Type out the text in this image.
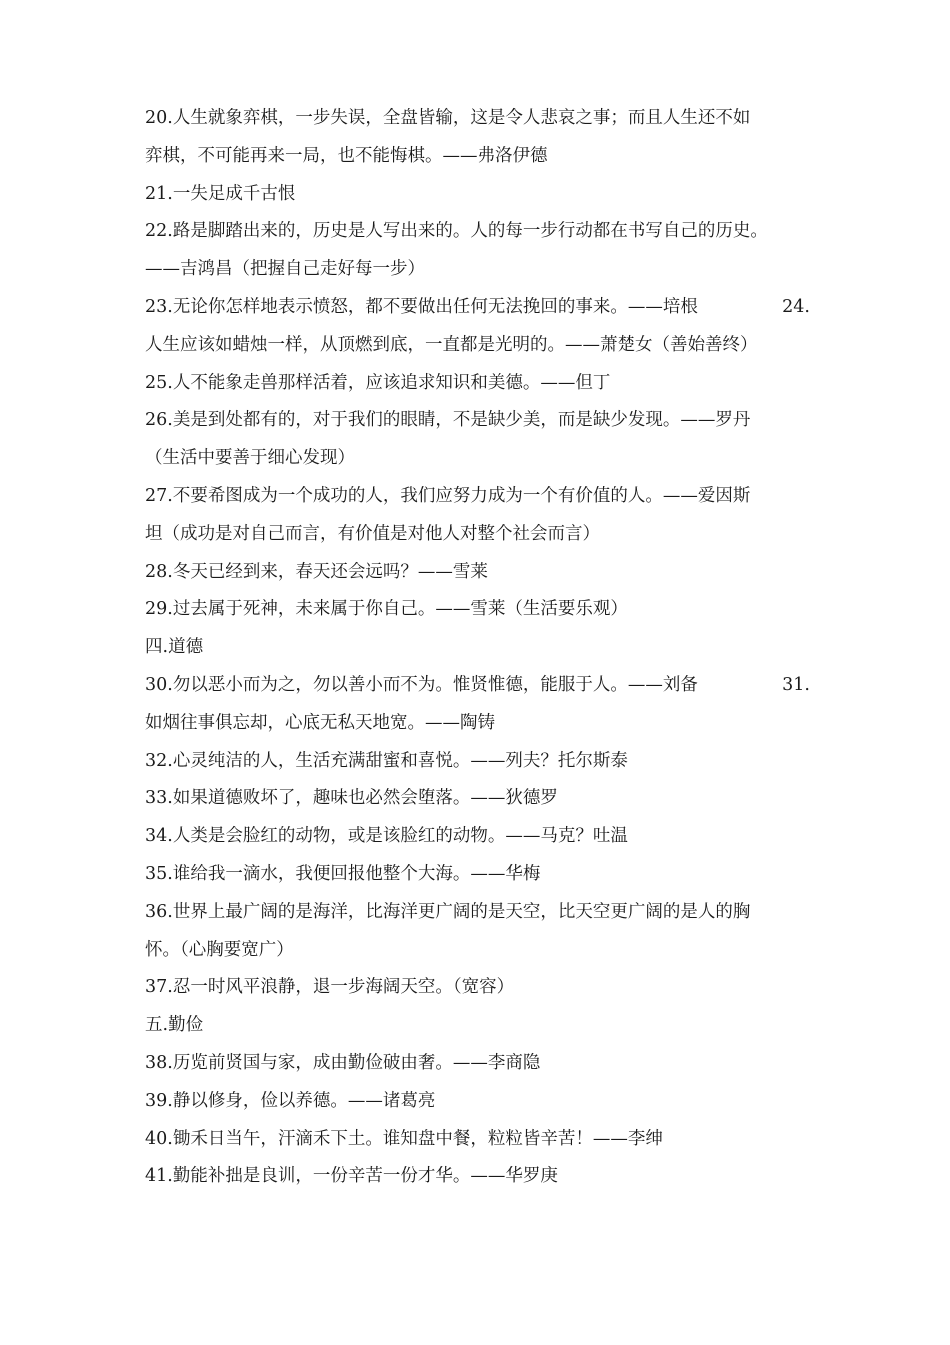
20.人生就象弈棋，一步失误，全盘皆输，这是令人悲哀之事；而且人生还不如
弈棋，不可能再来一局，也不能悔棋。——弗洛伊德
21.一失足成千古恨
22.路是脚踏出来的，历史是人写出来的。人的每一步行动都在书写自己的历史。
——吉鸿昌（把握自己走好每一步）
23.无论你怎样地表示愤怒，都不要做出任何无法挽回的事来。——培根	24.
人生应该如蜡烛一样，从顶燃到底，一直都是光明的。——萧楚女（善始善终）
25.人不能象走兽那样活着，应该追求知识和美德。——但丁
26.美是到处都有的，对于我们的眼睛，不是缺少美，而是缺少发现。——罗丹
（生活中要善于细心发现）
27.不要希图成为一个成功的人，我们应努力成为一个有价值的人。——爱因斯
坦（成功是对自己而言，有价值是对他人对整个社会而言）
28.冬天已经到来，春天还会远吗？——雪莱
29.过去属于死神，未来属于你自己。——雪莱（生活要乐观）
四.道德
30.勿以恶小而为之，勿以善小而不为。惟贤惟德，能服于人。——刘备	31.
如烟往事俱忘却，心底无私天地宽。——陶铸
32.心灵纯洁的人，生活充满甜蜜和喜悦。——列夫？托尔斯泰
33.如果道德败坏了，趣味也必然会堕落。——狄德罗
34.人类是会脸红的动物，或是该脸红的动物。——马克？吐温
35.谁给我一滴水，我便回报他整个大海。——华梅
36.世界上最广阔的是海洋，比海洋更广阔的是天空，比天空更广阔的是人的胸
怀。（心胸要宽广）
37.忍一时风平浪静，退一步海阔天空。（宽容）
五.勤俭
38.历览前贤国与家，成由勤俭破由奢。——李商隐
39.静以修身，俭以养德。——诸葛亮
40.锄禾日当午，汗滴禾下土。谁知盘中餐，粒粒皆辛苦！——李绅
41.勤能补拙是良训，一份辛苦一份才华。——华罗庚
